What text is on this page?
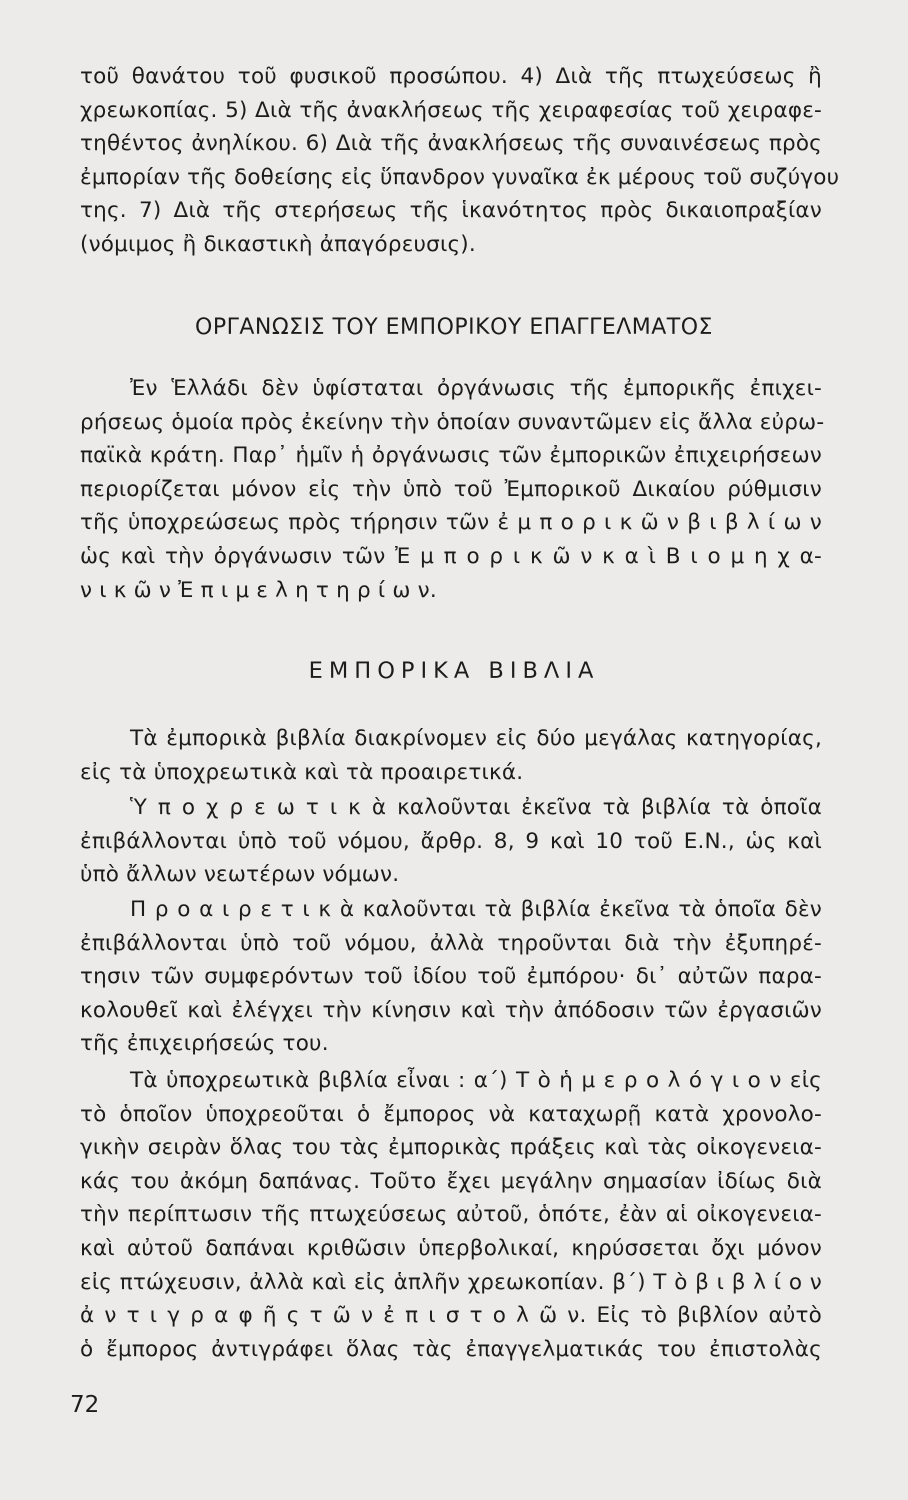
τοῦ θανάτου τοῦ φυσικοῦ προσώπου. 4) Διὰ τῆς πτωχεύσεως ἢ
χρεωκοπίας. 5) Διὰ τῆς ἀνακλήσεως τῆς χειραφεσίας τοῦ χειραφε-
τηθέντος ἀνηλίκου. 6) Διὰ τῆς ἀνακλήσεως τῆς συναινέσεως πρὸς
ἐμπορίαν τῆς δοθείσης εἰς ὕπανδρον γυναῖκα ἐκ μέρους τοῦ συζύγου
της. 7) Διὰ τῆς στερήσεως τῆς ἱκανότητος πρὸς δικαιοπραξίαν
(νόμιμος ἢ δικαστικὴ ἀπαγόρευσις).
ΟΡΓΑΝΩΣΙΣ ΤΟΥ ΕΜΠΟΡΙΚΟΥ ΕΠΑΓΓΕΛΜΑΤΟΣ
Ἐν Ἑλλάδι δὲν ὑφίσταται ὀργάνωσις τῆς ἐμπορικῆς ἐπιχει-
ρήσεως ὁμοία πρὸς ἐκείνην τὴν ὁποίαν συναντῶμεν εἰς ἄλλα εὐρω-
παϊκὰ κράτη. Παρ᾽ ἡμῖν ἡ ὀργάνωσις τῶν ἐμπορικῶν ἐπιχειρήσεων
περιορίζεται μόνον εἰς τὴν ὑπὸ τοῦ Ἐμπορικοῦ Δικαίου ρύθμισιν
τῆς ὑποχρεώσεως πρὸς τήρησιν τῶν ἐ μ π ο ρ ι κ ῶ ν β ι β λ ί ω ν
ὡς καὶ τὴν ὀργάνωσιν τῶν Ἐ μ π ο ρ ι κ ῶ ν κ α ὶ Β ι ο μ η χ α-
ν ι κ ῶ ν Ἐ π ι μ ε λ η τ η ρ ί ω ν.
ΕΜΠΟΡΙΚΑ ΒΙΒΛΙΑ
Τὰ ἐμπορικὰ βιβλία διακρίνομεν εἰς δύο μεγάλας κατηγορίας,
εἰς τὰ ὑποχρεωτικὰ καὶ τὰ προαιρετικά.
Ὑ π ο χ ρ ε ω τ ι κ ὰ καλοῦνται ἐκεῖνα τὰ βιβλία τὰ ὁποῖα
ἐπιβάλλονται ὑπὸ τοῦ νόμου, ἄρθρ. 8, 9 καὶ 10 τοῦ Ε.Ν., ὡς καὶ
ὑπὸ ἄλλων νεωτέρων νόμων.
Π ρ ο α ι ρ ε τ ι κ ὰ καλοῦνται τὰ βιβλία ἐκεῖνα τὰ ὁποῖα δὲν
ἐπιβάλλονται ὑπὸ τοῦ νόμου, ἀλλὰ τηροῦνται διὰ τὴν ἐξυπηρέ-
τησιν τῶν συμφερόντων τοῦ ἰδίου τοῦ ἐμπόρου· δι᾽ αὐτῶν παρα-
κολουθεῖ καὶ ἐλέγχει τὴν κίνησιν καὶ τὴν ἀπόδοσιν τῶν ἐργασιῶν
τῆς ἐπιχειρήσεώς του.
Τὰ ὑποχρεωτικὰ βιβλία εἶναι : α´) Τ ὸ ἡ μ ε ρ ο λ ό γ ι ο ν εἰς
τὸ ὁποῖον ὑποχρεοῦται ὁ ἔμπορος νὰ καταχωρῇ κατὰ χρονολο-
γικὴν σειρὰν ὅλας του τὰς ἐμπορικὰς πράξεις καὶ τὰς οἰκογενεια-
κάς του ἀκόμη δαπάνας. Τοῦτο ἔχει μεγάλην σημασίαν ἰδίως διὰ
τὴν περίπτωσιν τῆς πτωχεύσεως αὐτοῦ, ὁπότε, ἐὰν αἱ οἰκογενεια-
καὶ αὐτοῦ δαπάναι κριθῶσιν ὑπερβολικαί, κηρύσσεται ὄχι μόνον
εἰς πτώχευσιν, ἀλλὰ καὶ εἰς ἁπλῆν χρεωκοπίαν. β´) Τ ὸ β ι β λ ί ο ν
ἀ ν τ ι γ ρ α φ ῆ ς τ ῶ ν ἐ π ι σ τ ο λ ῶ ν. Εἰς τὸ βιβλίον αὐτὸ
ὁ ἔμπορος ἀντιγράφει ὅλας τὰς ἐπαγγελματικάς του ἐπιστολὰς
72
